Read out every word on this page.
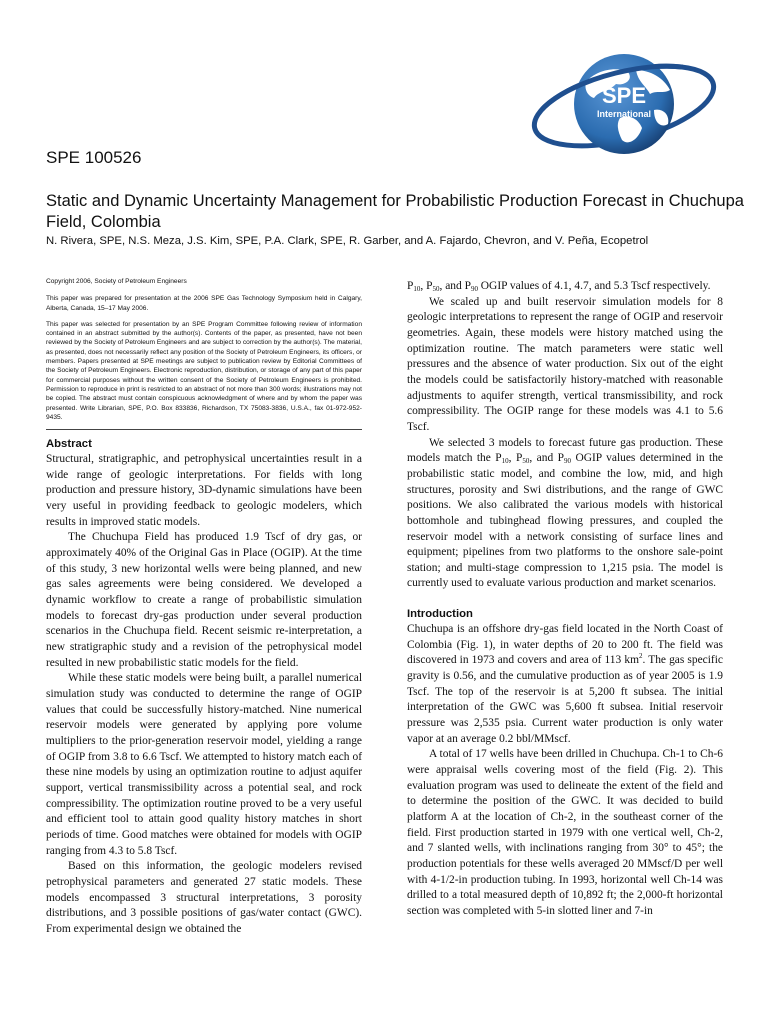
SPE
International
SPE 100526
Static and Dynamic Uncertainty Management for Probabilistic Production Forecast in Chuchupa Field, Colombia
N. Rivera, SPE, N.S. Meza, J.S. Kim, SPE, P.A. Clark, SPE, R. Garber, and A. Fajardo, Chevron, and V. Peña, Ecopetrol

Copyright 2006, Society of Petroleum Engineers

This paper was prepared for presentation at the 2006 SPE Gas Technology Symposium held in Calgary, Alberta, Canada, 15–17 May 2006.

This paper was selected for presentation by an SPE Program Committee following review of information contained in an abstract submitted by the author(s). Contents of the paper, as presented, have not been reviewed by the Society of Petroleum Engineers and are subject to correction by the author(s). The material, as presented, does not necessarily reflect any position of the Society of Petroleum Engineers, its officers, or members. Papers presented at SPE meetings are subject to publication review by Editorial Committees of the Society of Petroleum Engineers. Electronic reproduction, distribution, or storage of any part of this paper for commercial purposes without the written consent of the Society of Petroleum Engineers is prohibited. Permission to reproduce in print is restricted to an abstract of not more than 300 words; illustrations may not be copied. The abstract must contain conspicuous acknowledgment of where and by whom the paper was presented. Write Librarian, SPE, P.O. Box 833836, Richardson, TX 75083-3836, U.S.A., fax 01-972-952-9435.

Abstract

Structural, stratigraphic, and petrophysical uncertainties result in a wide range of geologic interpretations. For fields with long production and pressure history, 3D-dynamic simulations have been very useful in providing feedback to geologic modelers, which results in improved static models.

The Chuchupa Field has produced 1.9 Tscf of dry gas, or approximately 40% of the Original Gas in Place (OGIP). At the time of this study, 3 new horizontal wells were being planned, and new gas sales agreements were being considered. We developed a dynamic workflow to create a range of probabilistic simulation models to forecast dry-gas production under several production scenarios in the Chuchupa field. Recent seismic re-interpretation, a new stratigraphic study and a revision of the petrophysical model resulted in new probabilistic static models for the field.

While these static models were being built, a parallel numerical simulation study was conducted to determine the range of OGIP values that could be successfully history-matched. Nine numerical reservoir models were generated by applying pore volume multipliers to the prior-generation reservoir model, yielding a range of OGIP from 3.8 to 6.6 Tscf. We attempted to history match each of these nine models by using an optimization routine to adjust aquifer support, vertical transmissibility across a potential seal, and rock compressibility. The optimization routine proved to be a very useful and efficient tool to attain good quality history matches in short periods of time. Good matches were obtained for models with OGIP ranging from 4.3 to 5.8 Tscf.

Based on this information, the geologic modelers revised petrophysical parameters and generated 27 static models. These models encompassed 3 structural interpretations, 3 porosity distributions, and 3 possible positions of gas/water contact (GWC). From experimental design we obtained the

$P_{10}$, $P_{50}$, and $P_{90}$ OGIP values of 4.1, 4.7, and 5.3 Tscf respectively.

We scaled up and built reservoir simulation models for 8 geologic interpretations to represent the range of OGIP and reservoir geometries. Again, these models were history matched using the optimization routine. The match parameters were static well pressures and the absence of water production. Six out of the eight the models could be satisfactorily history-matched with reasonable adjustments to aquifer strength, vertical transmissibility, and rock compressibility. The OGIP range for these models was 4.1 to 5.6 Tscf.

We selected 3 models to forecast future gas production. These models match the $P_{10}$, $P_{50}$, and $P_{90}$ OGIP values determined in the probabilistic static model, and combine the low, mid, and high structures, porosity and Swi distributions, and the range of GWC positions. We also calibrated the various models with historical bottomhole and tubinghead flowing pressures, and coupled the reservoir model with a network consisting of surface lines and equipment; pipelines from two platforms to the onshore sale-point station; and multi-stage compression to 1,215 psia. The model is currently used to evaluate various production and market scenarios.

Introduction

Chuchupa is an offshore dry-gas field located in the North Coast of Colombia (Fig. 1), in water depths of 20 to 200 ft. The field was discovered in 1973 and covers and area of 113 $km^2$. The gas specific gravity is 0.56, and the cumulative production as of year 2005 is 1.9 Tscf. The top of the reservoir is at 5,200 ft subsea. The initial interpretation of the GWC was 5,600 ft subsea. Initial reservoir pressure was 2,535 psia. Current water production is only water vapor at an average 0.2 bbl/MMscf.

A total of 17 wells have been drilled in Chuchupa. Ch-1 to Ch-6 were appraisal wells covering most of the field (Fig. 2). This evaluation program was used to delineate the extent of the field and to determine the position of the GWC. It was decided to build platform A at the location of Ch-2, in the southeast corner of the field. First production started in 1979 with one vertical well, Ch-2, and 7 slanted wells, with inclinations ranging from 30° to 45°; the production potentials for these wells averaged 20 MMscf/D per well with 4-1/2-in production tubing. In 1993, horizontal well Ch-14 was drilled to a total measured depth of 10,892 ft; the 2,000-ft horizontal section was completed with 5-in slotted liner and 7-in
